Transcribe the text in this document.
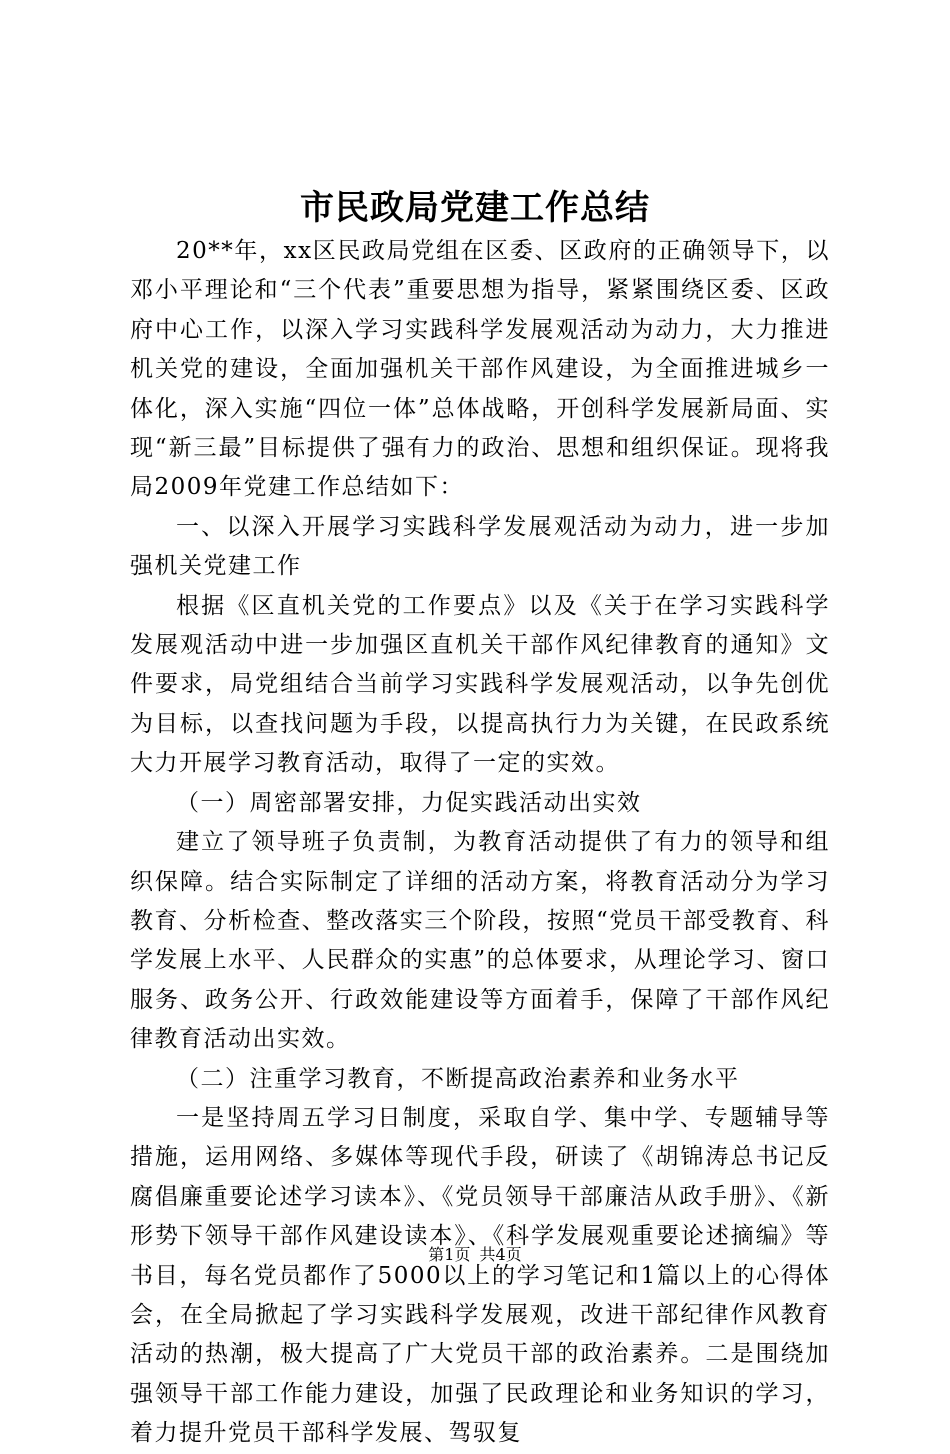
市民政局党建工作总结

20**年，xx区民政局党组在区委、区政府的正确领导下，以邓小平理论和“三个代表”重要思想为指导，紧紧围绕区委、区政府中心工作，以深入学习实践科学发展观活动为动力，大力推进机关党的建设，全面加强机关干部作风建设，为全面推进城乡一体化，深入实施“四位一体”总体战略，开创科学发展新局面、实现“新三最”目标提供了强有力的政治、思想和组织保证。现将我局2009年党建工作总结如下：

一、以深入开展学习实践科学发展观活动为动力，进一步加强机关党建工作

根据《区直机关党的工作要点》以及《关于在学习实践科学发展观活动中进一步加强区直机关干部作风纪律教育的通知》文件要求，局党组结合当前学习实践科学发展观活动，以争先创优为目标，以查找问题为手段，以提高执行力为关键，在民政系统大力开展学习教育活动，取得了一定的实效。

（一）周密部署安排，力促实践活动出实效

建立了领导班子负责制，为教育活动提供了有力的领导和组织保障。结合实际制定了详细的活动方案，将教育活动分为学习教育、分析检查、整改落实三个阶段，按照“党员干部受教育、科学发展上水平、人民群众的实惠”的总体要求，从理论学习、窗口服务、政务公开、行政效能建设等方面着手，保障了干部作风纪律教育活动出实效。

（二）注重学习教育，不断提高政治素养和业务水平

一是坚持周五学习日制度，采取自学、集中学、专题辅导等措施，运用网络、多媒体等现代手段，研读了《胡锦涛总书记反腐倡廉重要论述学习读本》、《党员领导干部廉洁从政手册》、《新形势下领导干部作风建设读本》、《科学发展观重要论述摘编》等书目，每名党员都作了5000以上的学习笔记和1篇以上的心得体会，在全局掀起了学习实践科学发展观，改进干部纪律作风教育活动的热潮，极大提高了广大党员干部的政治素养。二是围绕加强领导干部工作能力建设，加强了民政理论和业务知识的学习，着力提升党员干部科学发展、驾驭复

第1页 共4页
